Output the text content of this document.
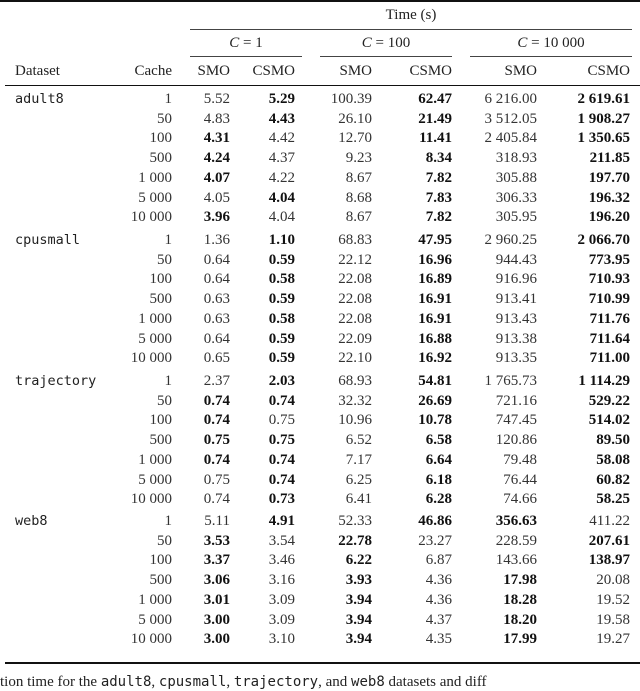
Time (s)
C = 1	C = 100	C = 10 000
Dataset	Cache	SMO	CSMO	SMO	CSMO	SMO	CSMO
adult8	1	5.52	5.29	100.39	62.47	6 216.00	2 619.61
50	4.83	4.43	26.10	21.49	3 512.05	1 908.27
100	4.31	4.42	12.70	11.41	2 405.84	1 350.65
500	4.24	4.37	9.23	8.34	318.93	211.85
1 000	4.07	4.22	8.67	7.82	305.88	197.70
5 000	4.05	4.04	8.68	7.83	306.33	196.32
10 000	3.96	4.04	8.67	7.82	305.95	196.20
cpusmall	1	1.36	1.10	68.83	47.95	2 960.25	2 066.70
50	0.64	0.59	22.12	16.96	944.43	773.95
100	0.64	0.58	22.08	16.89	916.96	710.93
500	0.63	0.59	22.08	16.91	913.41	710.99
1 000	0.63	0.58	22.08	16.91	913.43	711.76
5 000	0.64	0.59	22.09	16.88	913.38	711.64
10 000	0.65	0.59	22.10	16.92	913.35	711.00
trajectory	1	2.37	2.03	68.93	54.81	1 765.73	1 114.29
50	0.74	0.74	32.32	26.69	721.16	529.22
100	0.74	0.75	10.96	10.78	747.45	514.02
500	0.75	0.75	6.52	6.58	120.86	89.50
1 000	0.74	0.74	7.17	6.64	79.48	58.08
5 000	0.75	0.74	6.25	6.18	76.44	60.82
10 000	0.74	0.73	6.41	6.28	74.66	58.25
web8	1	5.11	4.91	52.33	46.86	356.63	411.22
50	3.53	3.54	22.78	23.27	228.59	207.61
100	3.37	3.46	6.22	6.87	143.66	138.97
500	3.06	3.16	3.93	4.36	17.98	20.08
1 000	3.01	3.09	3.94	4.36	18.28	19.52
5 000	3.00	3.09	3.94	4.37	18.20	19.58
10 000	3.00	3.10	3.94	4.35	17.99	19.27
tion time for the adult8, cpusmall, trajectory, and web8 datasets and diff
